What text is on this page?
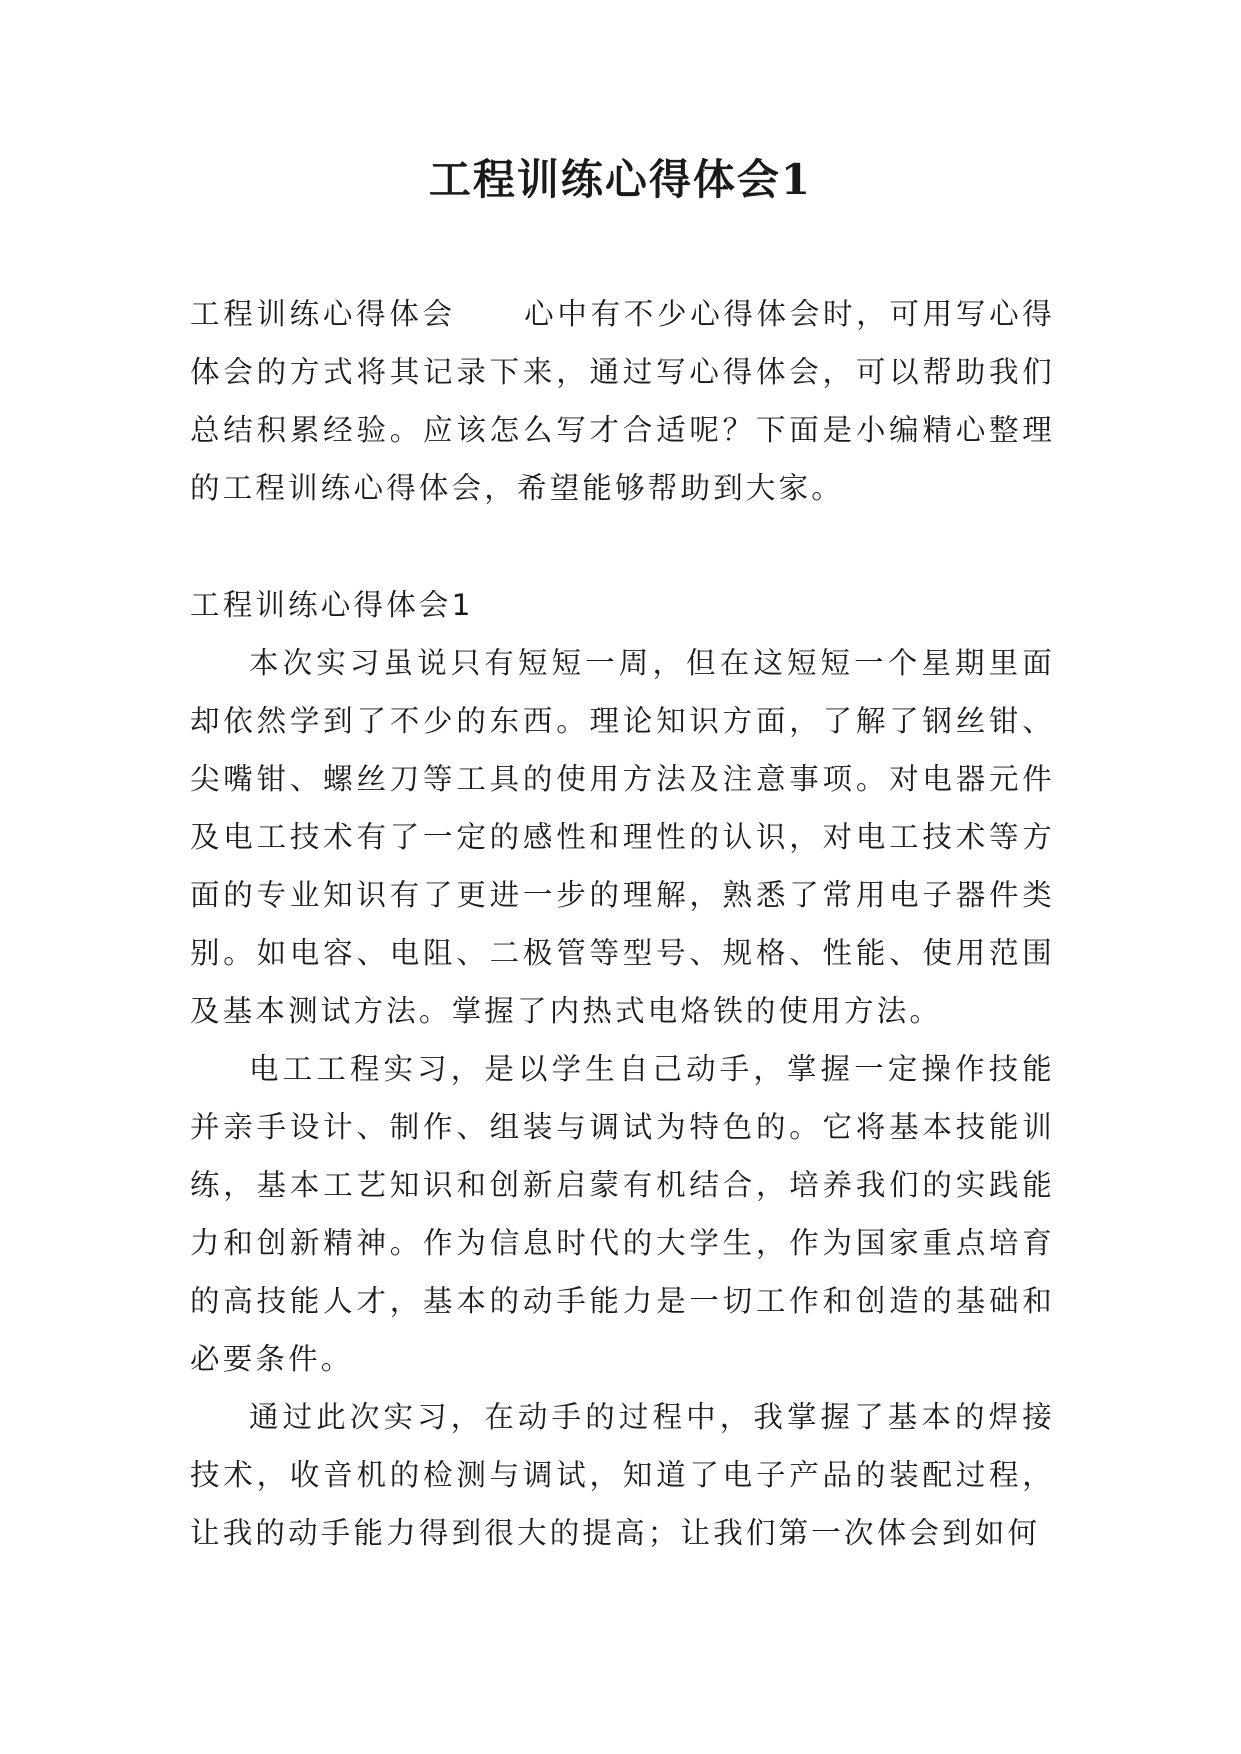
工程训练心得体会1

工程训练心得体会 心中有不少心得体会时，可用写心得体会的方式将其记录下来，通过写心得体会，可以帮助我们总结积累经验。应该怎么写才合适呢？下面是小编精心整理的工程训练心得体会，希望能够帮助到大家。

工程训练心得体会1

本次实习虽说只有短短一周，但在这短短一个星期里面却依然学到了不少的东西。理论知识方面，了解了钢丝钳、尖嘴钳、螺丝刀等工具的使用方法及注意事项。对电器元件及电工技术有了一定的感性和理性的认识，对电工技术等方面的专业知识有了更进一步的理解，熟悉了常用电子器件类别。如电容、电阻、二极管等型号、规格、性能、使用范围及基本测试方法。掌握了内热式电烙铁的使用方法。

电工工程实习，是以学生自己动手，掌握一定操作技能并亲手设计、制作、组装与调试为特色的。它将基本技能训练，基本工艺知识和创新启蒙有机结合，培养我们的实践能力和创新精神。作为信息时代的大学生，作为国家重点培育的高技能人才，基本的动手能力是一切工作和创造的基础和必要条件。

通过此次实习，在动手的过程中，我掌握了基本的焊接技术，收音机的检测与调试，知道了电子产品的装配过程，让我的动手能力得到很大的提高；让我们第一次体会到如何
